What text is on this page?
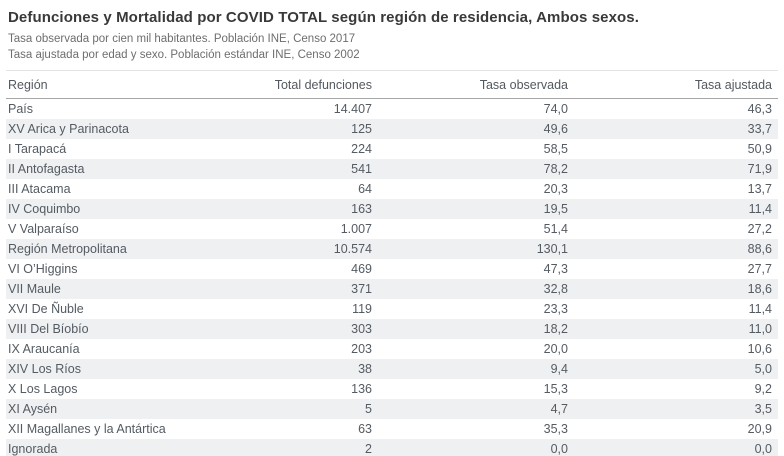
Defunciones y Mortalidad por COVID TOTAL según región de residencia, Ambos sexos.
Tasa observada por cien mil habitantes. Población INE, Censo 2017
Tasa ajustada por edad y sexo. Población estándar INE, Censo 2002
Región	Total defunciones	Tasa observada	Tasa ajustada
País	14.407	74,0	46,3
XV Arica y Parinacota	125	49,6	33,7
I Tarapacá	224	58,5	50,9
II Antofagasta	541	78,2	71,9
III Atacama	64	20,3	13,7
IV Coquimbo	163	19,5	11,4
V Valparaíso	1.007	51,4	27,2
Región Metropolitana	10.574	130,1	88,6
VI O’Higgins	469	47,3	27,7
VII Maule	371	32,8	18,6
XVI De Ñuble	119	23,3	11,4
VIII Del Bíobío	303	18,2	11,0
IX Araucanía	203	20,0	10,6
XIV Los Ríos	38	9,4	5,0
X Los Lagos	136	15,3	9,2
XI Aysén	5	4,7	3,5
XII Magallanes y la Antártica	63	35,3	20,9
Ignorada	2	0,0	0,0
